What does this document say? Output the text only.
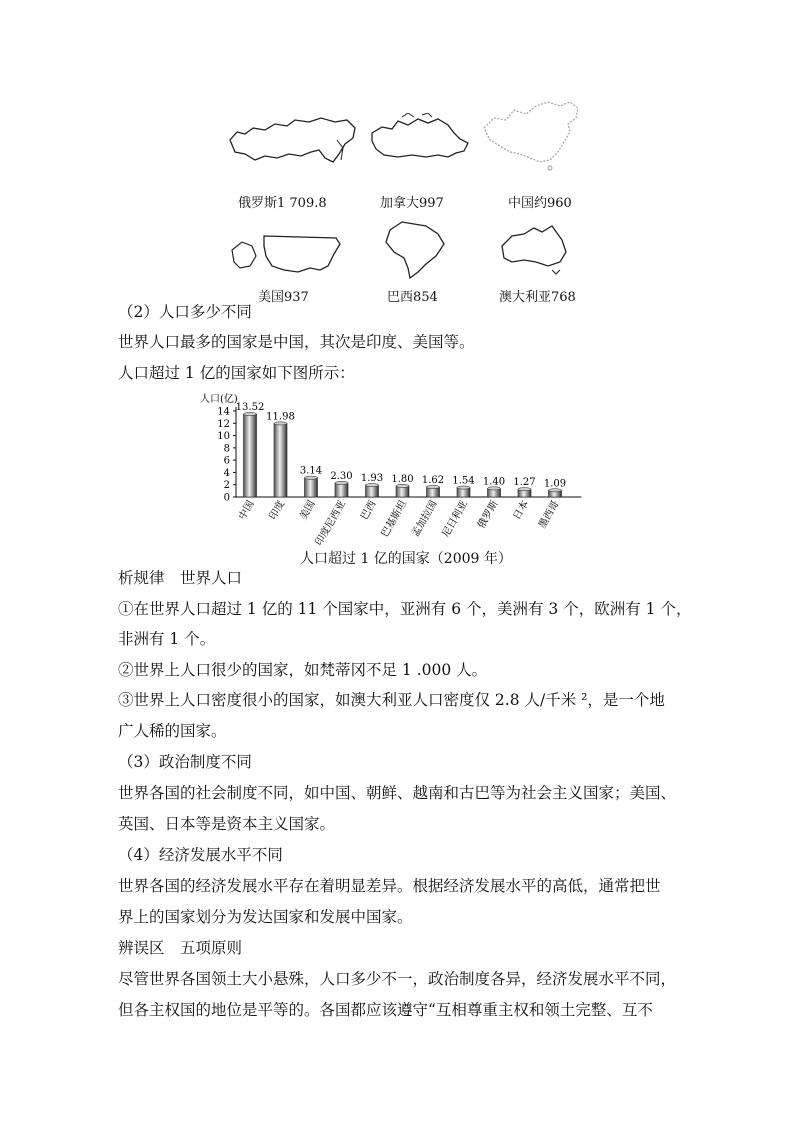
俄罗斯1 709.8	加拿大997	中国约960
美国937	巴西854	澳大利亚768
（2）人口多少不同
世界人口最多的国家是中国，其次是印度、美国等。
人口超过 1 亿的国家如下图所示：
人口(亿)
0
2
4
6
8
10
12
14 13.52
中国
11.98
印度
3.14
美国
2.30
印度尼西亚
1.93
巴西
1.80
巴基斯坦
1.62
孟加拉国
1.54
尼日利亚
1.40
俄罗斯
1.27
日本
1.09
墨西哥
人口超过 1 亿的国家（2009 年）
析规律　世界人口
①在世界人口超过 1 亿的 11 个国家中，亚洲有 6 个，美洲有 3 个，欧洲有 1 个，
非洲有 1 个。
②世界上人口很少的国家，如梵蒂冈不足 1 .000 人。
③世界上人口密度很小的国家，如澳大利亚人口密度仅 2.8 人/千米 ²，是一个地
广人稀的国家。
（3）政治制度不同
世界各国的社会制度不同，如中国、朝鲜、越南和古巴等为社会主义国家；美国、
英国、日本等是资本主义国家。
（4）经济发展水平不同
世界各国的经济发展水平存在着明显差异。根据经济发展水平的高低，通常把世
界上的国家划分为发达国家和发展中国家。
辨误区　五项原则
尽管世界各国领土大小悬殊，人口多少不一，政治制度各异，经济发展水平不同，
但各主权国的地位是平等的。各国都应该遵守“互相尊重主权和领土完整、互不
